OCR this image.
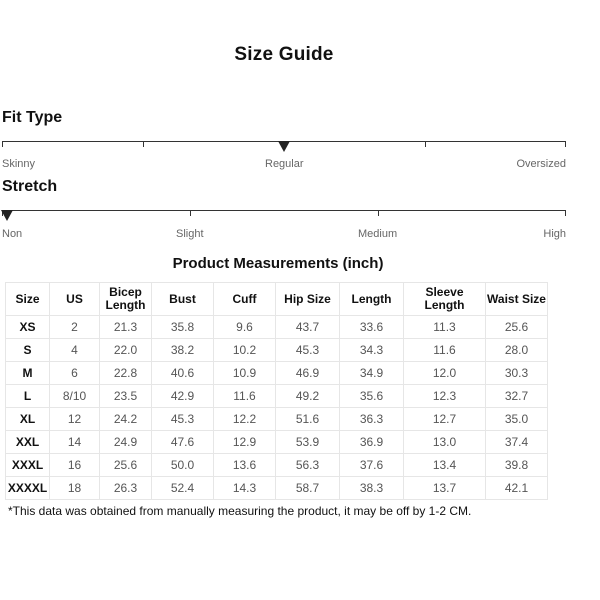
Size Guide
Fit Type
Skinny	Regular	Oversized
Stretch
Non	Slight	Medium	High
Product Measurements (inch)
Size	US	Bicep Length	Bust	Cuff	Hip Size	Length	Sleeve Length	Waist Size
XS	2	21.3	35.8	9.6	43.7	33.6	11.3	25.6
S	4	22.0	38.2	10.2	45.3	34.3	11.6	28.0
M	6	22.8	40.6	10.9	46.9	34.9	12.0	30.3
L	8/10	23.5	42.9	11.6	49.2	35.6	12.3	32.7
XL	12	24.2	45.3	12.2	51.6	36.3	12.7	35.0
XXL	14	24.9	47.6	12.9	53.9	36.9	13.0	37.4
XXXL	16	25.6	50.0	13.6	56.3	37.6	13.4	39.8
XXXXL	18	26.3	52.4	14.3	58.7	38.3	13.7	42.1
*This data was obtained from manually measuring the product, it may be off by 1-2 CM.
